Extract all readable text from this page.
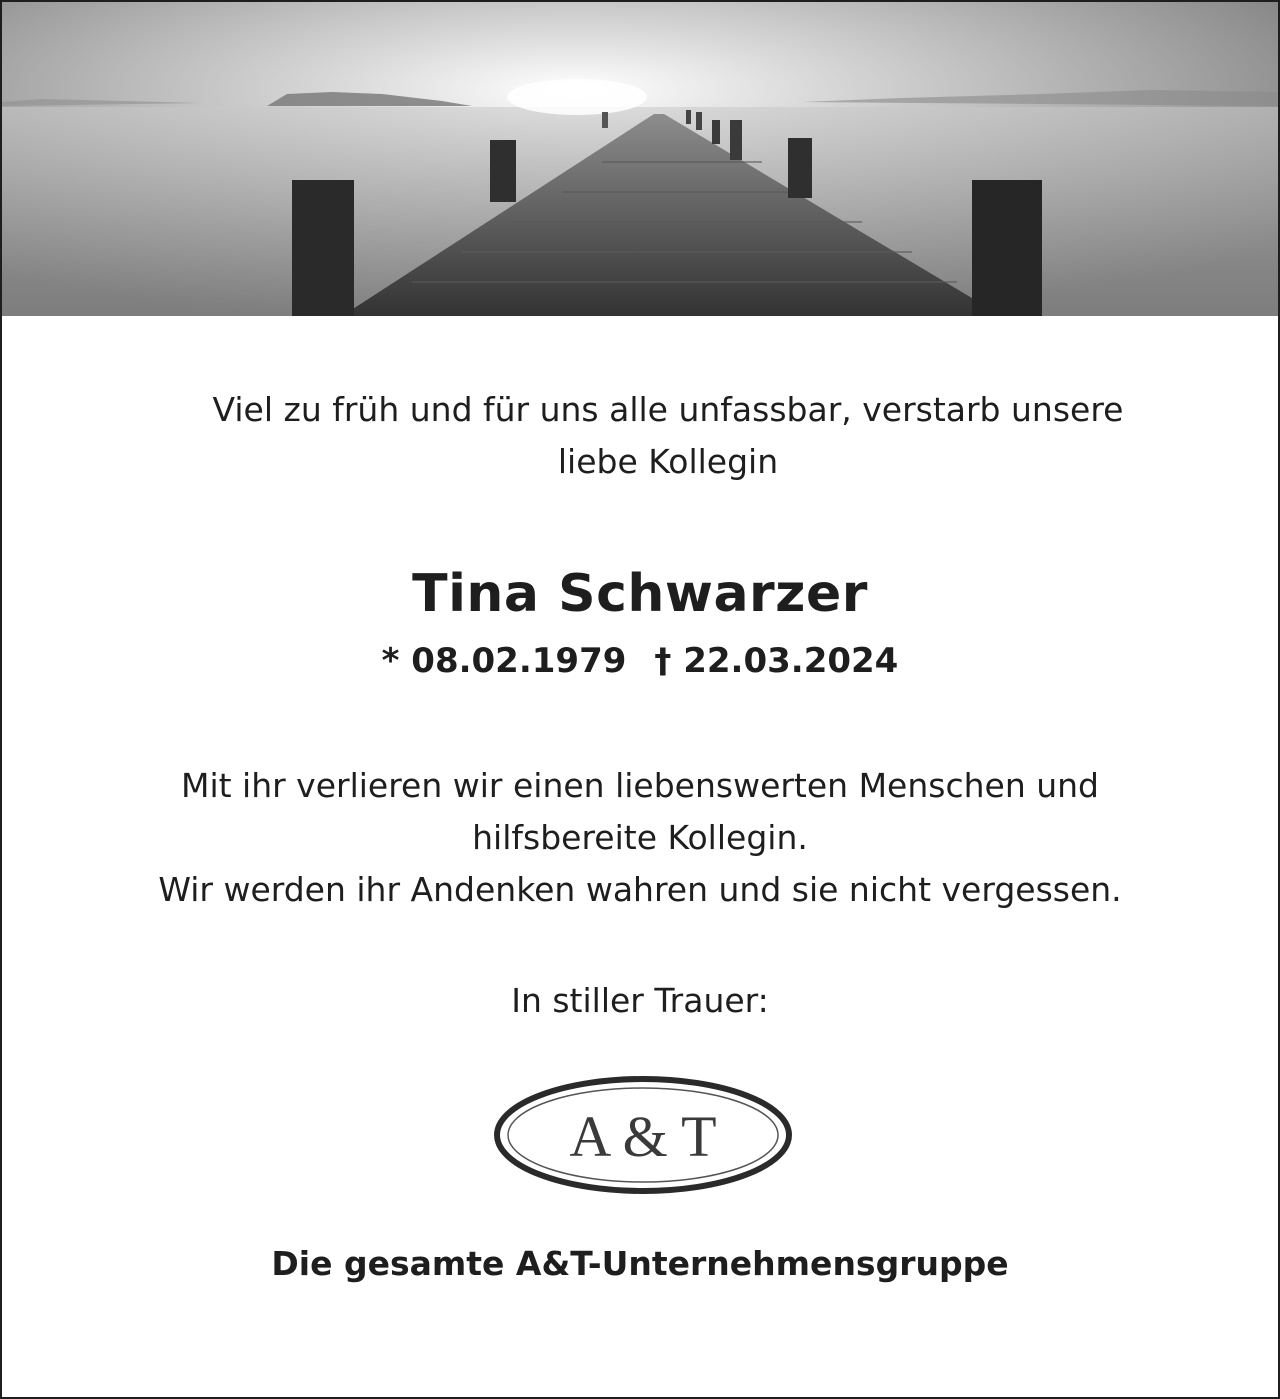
Viel zu früh und für uns alle unfassbar, verstarb unsere
liebe Kollegin

Tina Schwarzer

* 08.02.1979 † 22.03.2024

Mit ihr verlieren wir einen liebenswerten Menschen und
hilfsbereite Kollegin.
Wir werden ihr Andenken wahren und sie nicht vergessen.

In stiller Trauer:

A & T

Die gesamte A&T-Unternehmensgruppe
